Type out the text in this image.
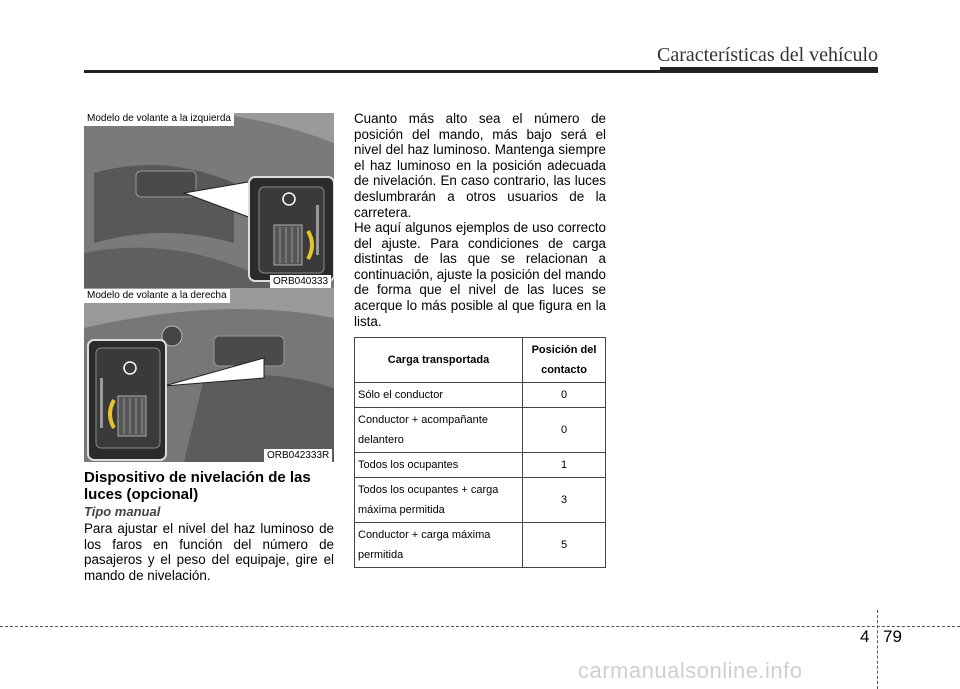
Características del vehículo
Modelo de volante a la izquierda
ORB040333
Modelo de volante a la derecha
ORB042333R
Dispositivo de nivelación de las luces (opcional)
Tipo manual
Para ajustar el nivel del haz luminoso de los faros en función del número de pasajeros y el peso del equipaje, gire el mando de nivelación.
Cuanto más alto sea el número de posición del mando, más bajo será el nivel del haz luminoso. Mantenga siempre el haz luminoso en la posición adecuada de nivelación. En caso contrario, las luces deslumbrarán a otros usuarios de la carretera.
He aquí algunos ejemplos de uso correcto del ajuste. Para condiciones de carga distintas de las que se relacionan a continuación, ajuste la posición del mando de forma que el nivel de las luces se acerque lo más posible al que figura en la lista.
Carga transportada	Posición del contacto
Sólo el conductor	0
Conductor + acompañante delantero	0
Todos los ocupantes	1
Todos los ocupantes + carga máxima permitida	3
Conductor + carga máxima permitida	5
4 79
carmanualsonline.info
